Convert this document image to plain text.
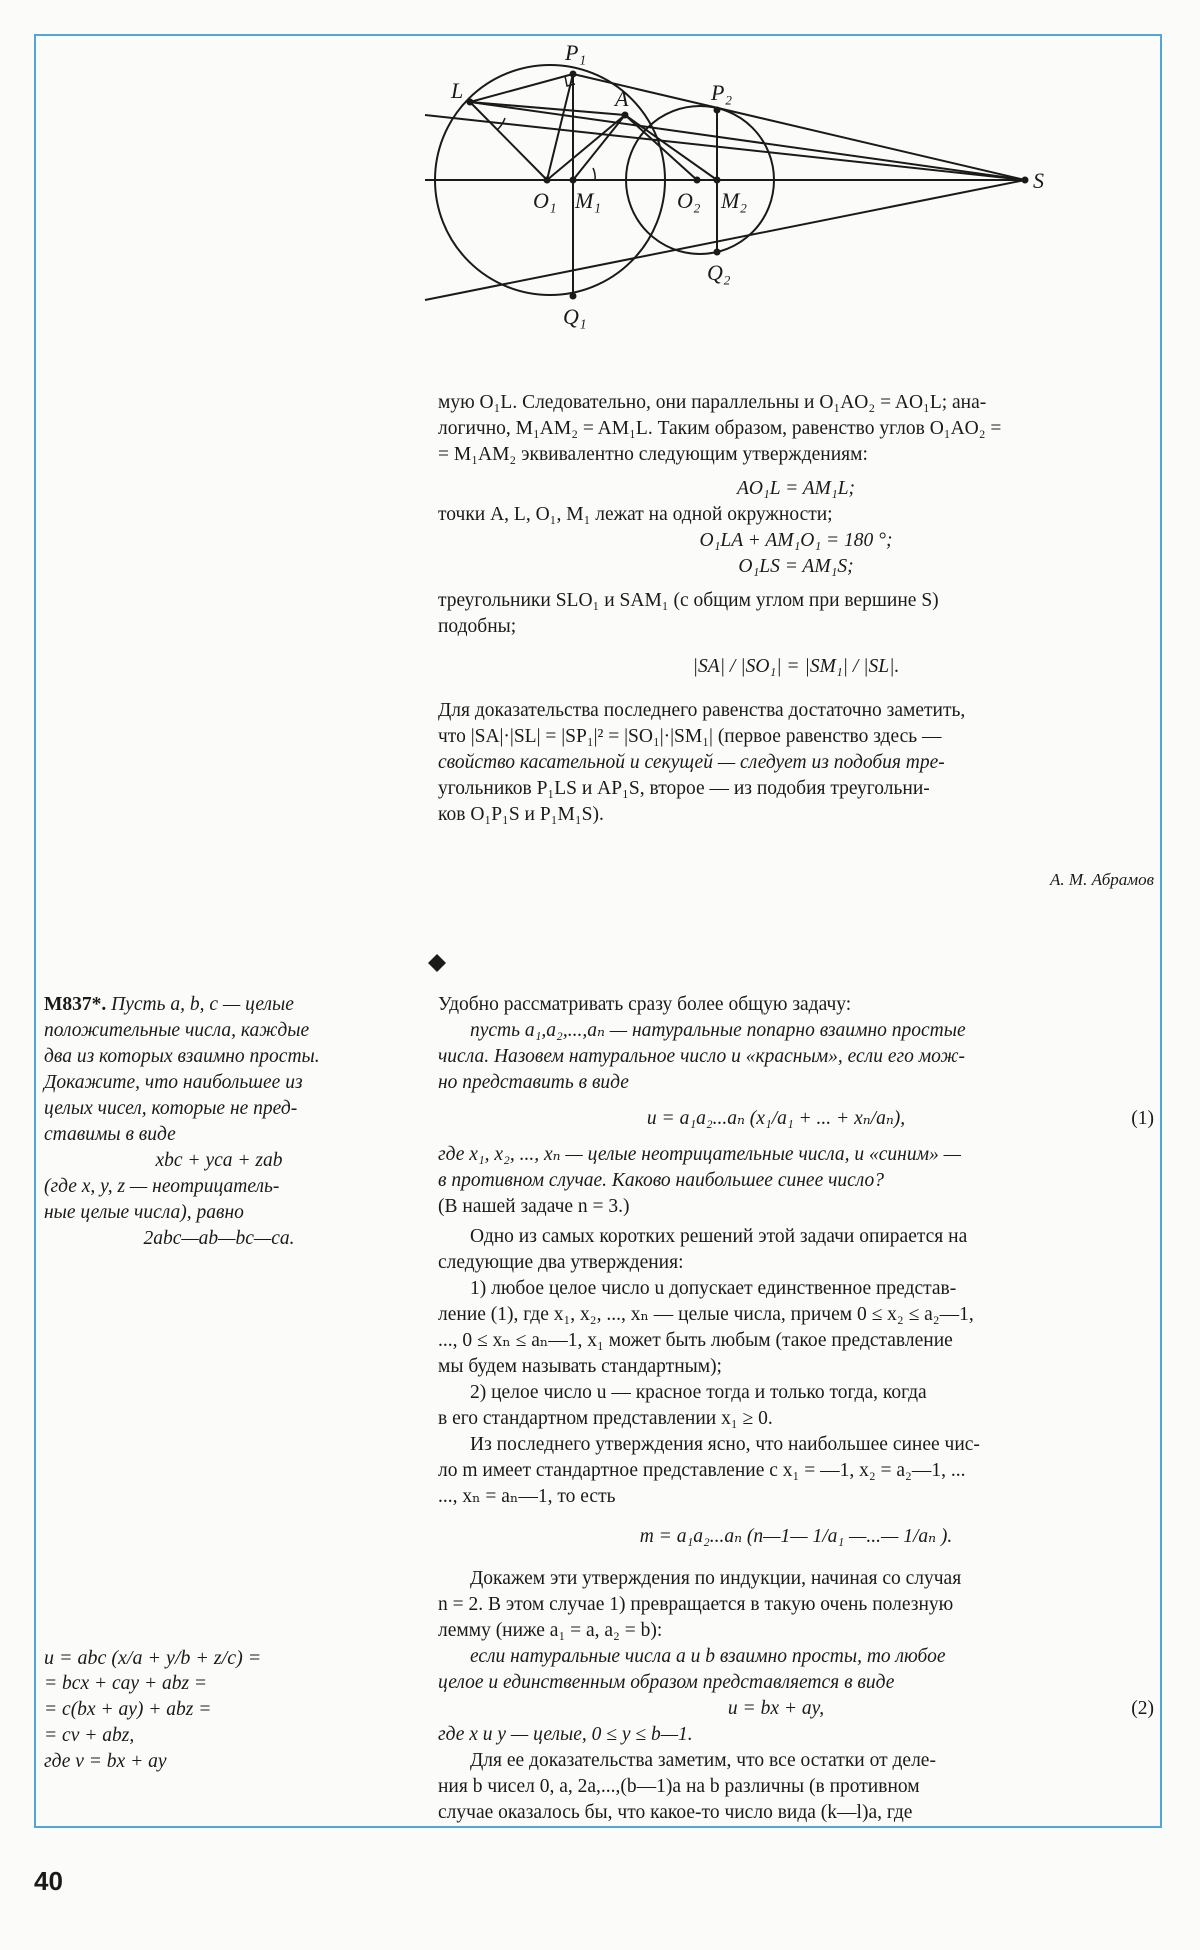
L
P₁
A	P₂
S
O₁ M₁	O₂ M₂
Q₂
Q₁

мую O₁L. Следовательно, они параллельны и O₁AO₂ = AO₁L; ана-

логично, M₁AM₂ = AM₁L. Таким образом, равенство углов O₁AO₂ =

= M₁AM₂ эквивалентно следующим утверждениям:

AO₁L = AM₁L;

точки A, L, O₁, M₁ лежат на одной окружности;

O₁LA + AM₁O₁ = 180 °;

O₁LS = AM₁S;

треугольники SLO₁ и SAM₁ (с общим углом при вершине S)

подобны;

|SA| / |SO₁| = |SM₁| / |SL|.

Для доказательства последнего равенства достаточно заметить,

что |SA|·|SL| = |SP₁|² = |SO₁|·|SM₁| (первое равенство здесь —

свойство касательной и секущей — следует из подобия тре-

угольников P₁LS и AP₁S, второе — из подобия треугольни-

ков O₁P₁S и P₁M₁S).

А. М. Абрамов
М837*. Пусть a, b, c — целые
положительные числа, каждые
два из которых взаимно просты.
Докажите, что наибольшее из
целых чисел, которые не пред-
ставимы в виде
xbc + yca + zab
(где x, y, z — неотрицатель-
ные целые числа), равно
2abc—ab—bc—ca.
u = abc (x/a + y/b + z/c) =
= bcx + cay + abz =
= c(bx + ay) + abz =
= cv + abz,
где v = bx + ay

Удобно рассматривать сразу более общую задачу:

пусть a₁,a₂,...,aₙ — натуральные попарно взаимно простые

числа. Назовем натуральное число и «красным», если его мож-

но представить в виде

u = a₁a₂...aₙ (x₁/a₁ + ... + xₙ/aₙ),	(1)

где x₁, x₂, ..., xₙ — целые неотрицательные числа, и «синим» —

в противном случае. Каково наибольшее синее число?

(В нашей задаче n = 3.)

Одно из самых коротких решений этой задачи опирается на

следующие два утверждения:

1) любое целое число u допускает единственное представ-

ление (1), где x₁, x₂, ..., xₙ — целые числа, причем 0 ≤ x₂ ≤ a₂—1,

..., 0 ≤ xₙ ≤ aₙ—1, x₁ может быть любым (такое представление

мы будем называть стандартным);

2) целое число u — красное тогда и только тогда, когда

в его стандартном представлении x₁ ≥ 0.

Из последнего утверждения ясно, что наибольшее синее чис-

ло m имеет стандартное представление с x₁ = —1, x₂ = a₂—1, ...

..., xₙ = aₙ—1, то есть

m = a₁a₂...aₙ (n—1— 1/a₁ —...— 1/aₙ ).

Докажем эти утверждения по индукции, начиная со случая

n = 2. В этом случае 1) превращается в такую очень полезную

лемму (ниже a₁ = a, a₂ = b):

если натуральные числа a и b взаимно просты, то любое

целое и единственным образом представляется в виде

u = bx + ay,	(2)

где x и y — целые, 0 ≤ y ≤ b—1.

Для ее доказательства заметим, что все остатки от деле-

ния b чисел 0, a, 2a,...,(b—1)a на b различны (в противном

случае оказалось бы, что какое-то число вида (k—l)a, где

40
